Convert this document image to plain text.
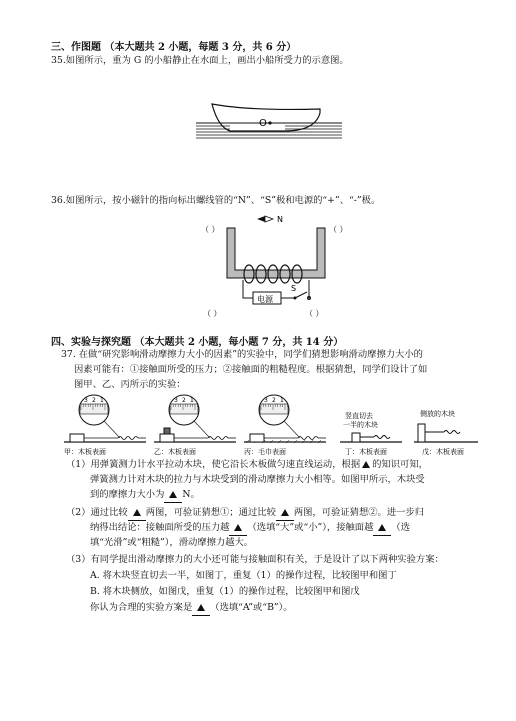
三、作图题 （本大题共 2 小题，每题 3 分，共 6 分）
35.如图所示，重为 G 的小船静止在水面上，画出小船所受力的示意图。
O
36.如图所示，按小磁针的指向标出螺线管的“N”、“S”极和电源的“+”、“-”极。
N
（ ）	（ ）
（ ）	（ ）
电源
S
四、实验与探究题 （本大题共 2 小题，每小题 7 分，共 14 分）
37. 在做“研究影响滑动摩擦力大小的因素”的实验中，同学们猜想影响滑动摩擦力大小的
因素可能有：①接触面所受的压力；②接触面的粗糙程度。根据猜想，同学们设计了如
图甲、乙、丙所示的实验：
3 2 1	3 2 1	3 2 1
竖直切去
一半的木块
侧放的木块
甲：木板表面	乙：木板表面	丙：毛巾表面	丁：木板表面	戊：木板表面
（1）用弹簧测力计水平拉动木块，使它沿长木板做匀速直线运动，根据 的知识可知，
弹簧测力计对木块的拉力与木块受到的滑动摩擦力大小相等。如图甲所示，木块受
到的摩擦力大小为 N。
（2）通过比较 两图，可验证猜想①；通过比较 两图，可验证猜想②。进一步归
纳得出结论：接触面所受的压力越 （选填“大”或“小”），接触面越 （选
填“光滑”或“粗糙”），滑动摩擦力越大。
（3）有同学提出滑动摩擦力的大小还可能与接触面积有关，于是设计了以下两种实验方案：
A. 将木块竖直切去一半，如图丁，重复（1）的操作过程，比较图甲和图丁
B. 将木块侧放，如图戊，重复（1）的操作过程，比较图甲和图戊
你认为合理的实验方案是 （选填“A”或“B”）。
